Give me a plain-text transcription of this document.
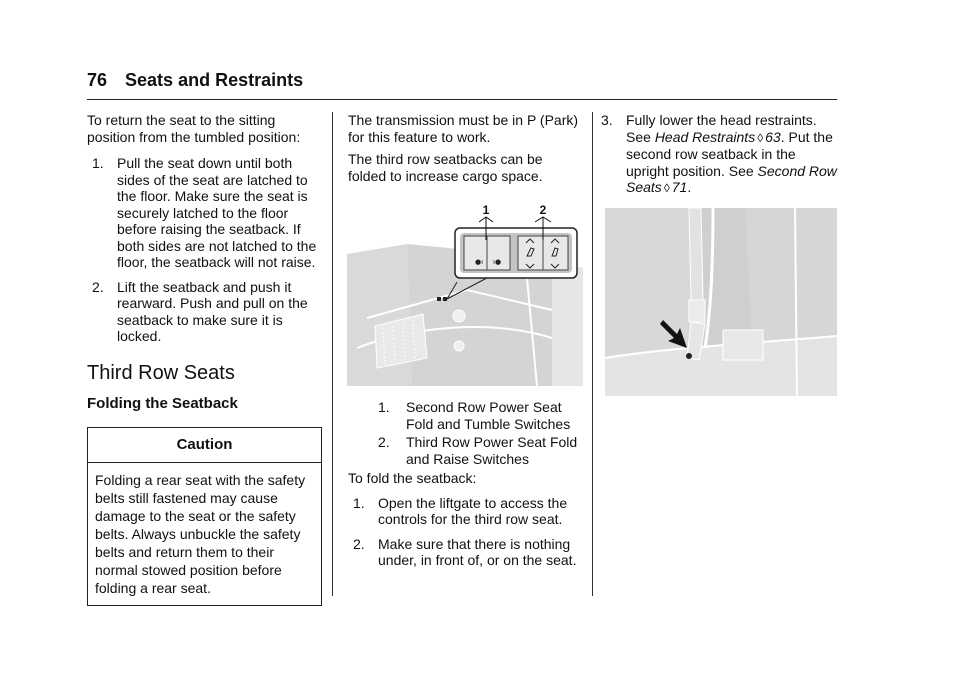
76 Seats and Restraints

To return the seat to the sitting position from the tumbled position:

1. Pull the seat down until both sides of the seat are latched to the floor. Make sure the seat is securely latched to the floor before raising the seatback. If both sides are not latched to the floor, the seatback will not raise.
2. Lift the seatback and push it rearward. Push and pull on the seatback to make sure it is locked.
Third Row Seats
Folding the Seatback
Caution
Folding a rear seat with the safety belts still fastened may cause damage to the seat or the safety belts. Always unbuckle the safety belts and return them to their normal stowed position before folding a rear seat.

The transmission must be in P (Park) for this feature to work.

The third row seatbacks can be folded to increase cargo space.

●ı ı●
1	2
1. Second Row Power Seat Fold and Tumble Switches
2. Third Row Power Seat Fold and Raise Switches

To fold the seatback:

1. Open the liftgate to access the controls for the third row seat.
2. Make sure that there is nothing under, in front of, or on the seat.
3. Fully lower the head restraints. See Head Restraints ◊ 63. Put the second row seatback in the upright position. See Second Row Seats ◊ 71.
